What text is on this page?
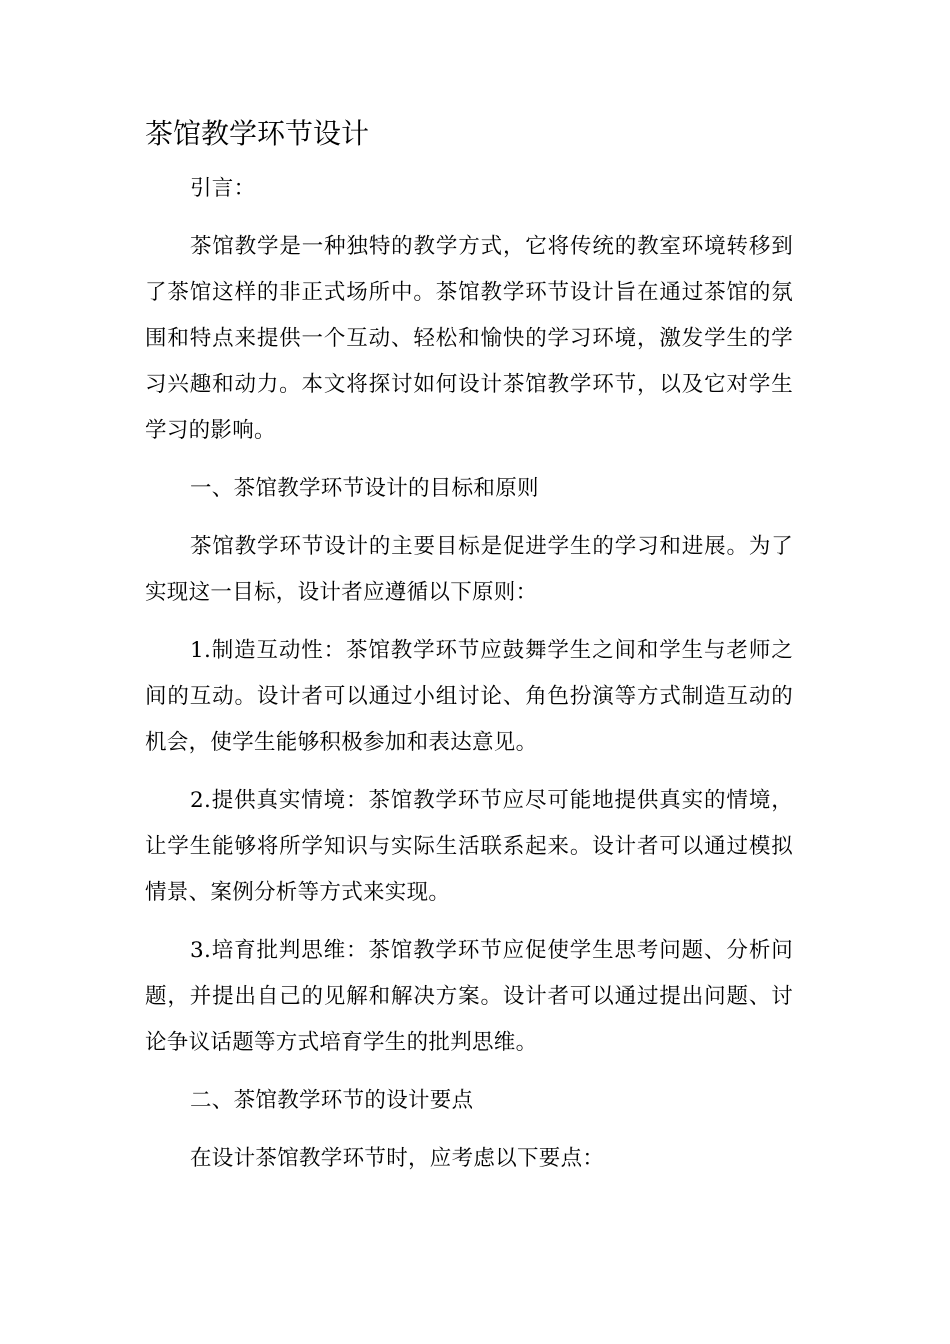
茶馆教学环节设计

引言：

茶馆教学是一种独特的教学方式，它将传统的教室环境转移到了茶馆这样的非正式场所中。茶馆教学环节设计旨在通过茶馆的氛围和特点来提供一个互动、轻松和愉快的学习环境，激发学生的学习兴趣和动力。本文将探讨如何设计茶馆教学环节，以及它对学生学习的影响。

一、茶馆教学环节设计的目标和原则

茶馆教学环节设计的主要目标是促进学生的学习和进展。为了实现这一目标，设计者应遵循以下原则：

1.制造互动性：茶馆教学环节应鼓舞学生之间和学生与老师之间的互动。设计者可以通过小组讨论、角色扮演等方式制造互动的机会，使学生能够积极参加和表达意见。

2.提供真实情境：茶馆教学环节应尽可能地提供真实的情境，让学生能够将所学知识与实际生活联系起来。设计者可以通过模拟情景、案例分析等方式来实现。

3.培育批判思维：茶馆教学环节应促使学生思考问题、分析问题，并提出自己的见解和解决方案。设计者可以通过提出问题、讨论争议话题等方式培育学生的批判思维。

二、茶馆教学环节的设计要点

在设计茶馆教学环节时，应考虑以下要点：
